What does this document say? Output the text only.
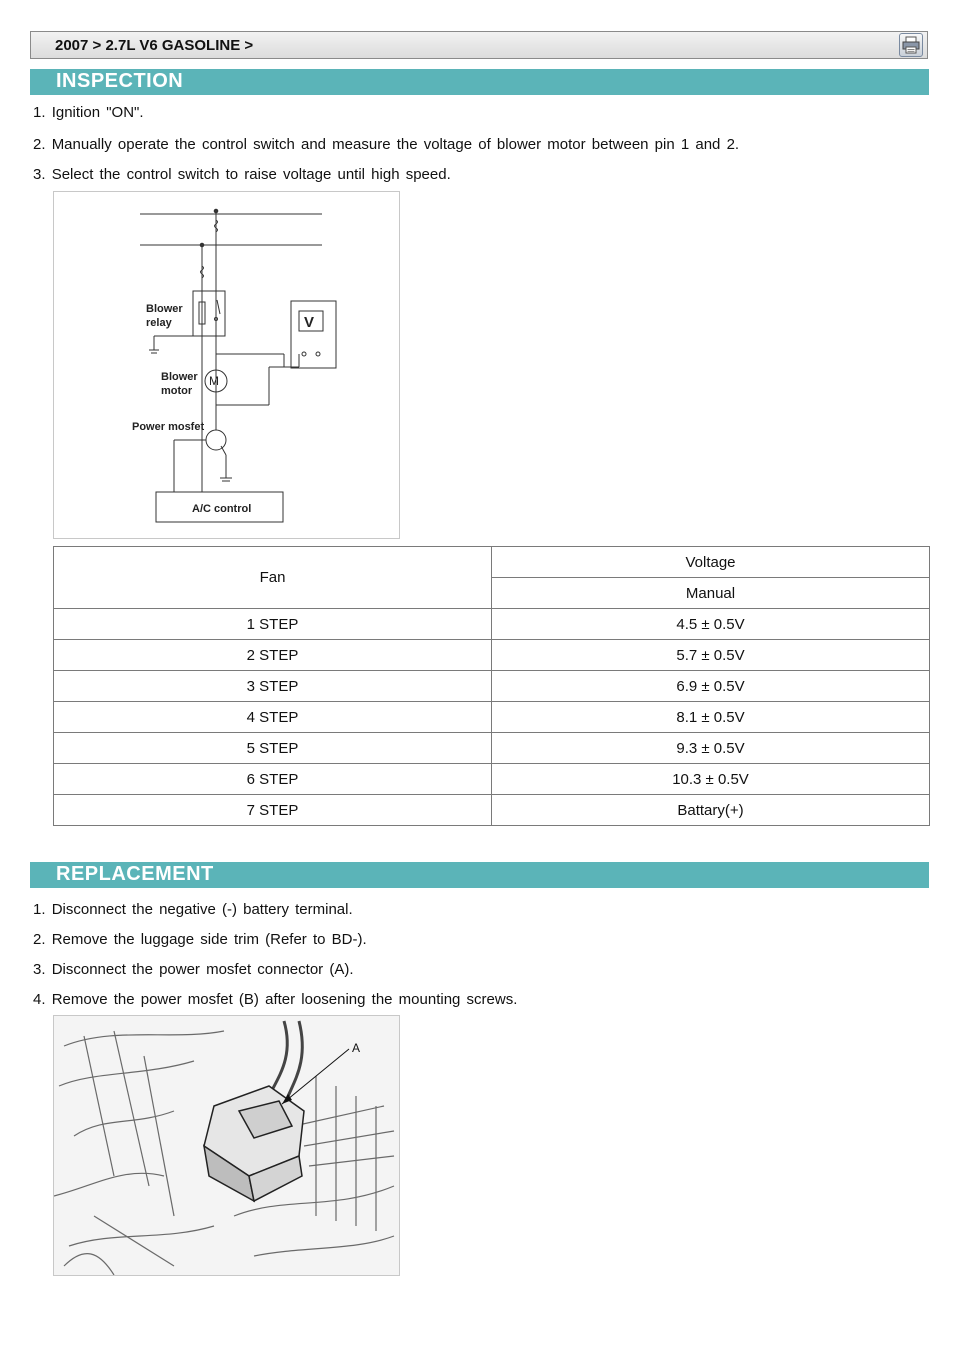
2007 > 2.7L V6 GASOLINE >
INSPECTION
1. Ignition "ON".
2. Manually operate the control switch and measure the voltage of blower motor between pin 1 and 2.
3. Select the control switch to raise voltage until high speed.
Blower
relay
Blower
motor
Power mosfet
A/C control
V
M
Fan	Voltage
	Manual
1 STEP	4.5 ± 0.5V
2 STEP	5.7 ± 0.5V
3 STEP	6.9 ± 0.5V
4 STEP	8.1 ± 0.5V
5 STEP	9.3 ± 0.5V
6 STEP	10.3 ± 0.5V
7 STEP	Battary(+)
REPLACEMENT
1. Disconnect the negative (-) battery terminal.
2. Remove the luggage side trim (Refer to BD-).
3. Disconnect the power mosfet connector (A).
4. Remove the power mosfet (B) after loosening the mounting screws.
A
